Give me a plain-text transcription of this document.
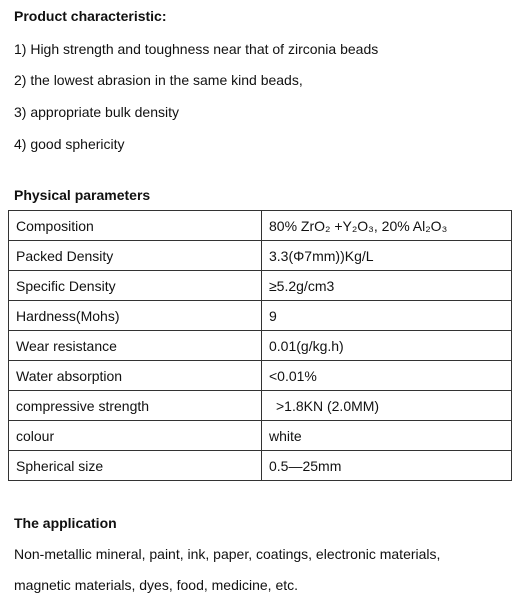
Product characteristic:
1) High strength and toughness near that of zirconia beads
2) the lowest abrasion in the same kind beads,
3) appropriate bulk density
4) good sphericity
Physical parameters
Composition	80% ZrO₂ +Y₂O₃, 20% Al₂O₃
Packed Density	3.3(Φ7mm))Kg/L
Specific Density	≥5.2g/cm3
Hardness(Mohs)	9
Wear resistance	0.01(g/kg.h)
Water absorption	<0.01%
compressive strength	>1.8KN (2.0MM)
colour	white
Spherical size	0.5—25mm
The application
Non-metallic mineral, paint, ink, paper, coatings, electronic materials,
magnetic materials, dyes, food, medicine, etc.
